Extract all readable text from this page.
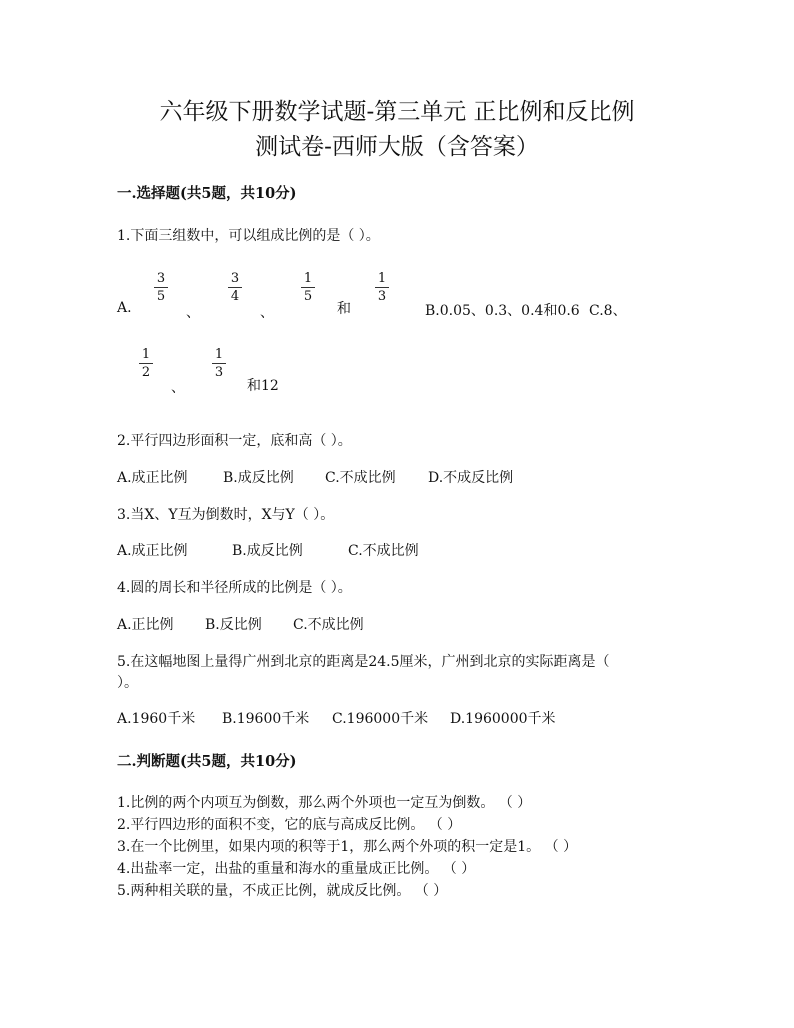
六年级下册数学试题-第三单元 正比例和反比例
测试卷-西师大版（含答案）
一.选择题(共5题，共10分)
1.下面三组数中，可以组成比例的是（ ）。
3
5
3
4
1
5
1
3
A.	、	、	和	B.0.05、0.3、0.4和0.6 C.8、
1
2
1
3
、	和12
2.平行四边形面积一定，底和高（ ）。
A.成正比例	B.成反比例 C.不成比例 D.不成反比例
3.当X、Y互为倒数时，X与Y（ ）。
A.成正比例	B.成反比例	C.不成比例
4.圆的周长和半径所成的比例是（ ）。
A.正比例 B.反比例 C.不成比例
5.在这幅地图上量得广州到北京的距离是24.5厘米，广州到北京的实际距离是（
）。
A.1960千米 B.19600千米 C.196000千米 D.1960000千米
二.判断题(共5题，共10分)
1.比例的两个内项互为倒数，那么两个外项也一定互为倒数。 （ ）
2.平行四边形的面积不变，它的底与高成反比例。 （ ）
3.在一个比例里，如果内项的积等于1，那么两个外项的积一定是1。 （ ）
4.出盐率一定，出盐的重量和海水的重量成正比例。 （ ）
5.两种相关联的量，不成正比例，就成反比例。 （ ）
